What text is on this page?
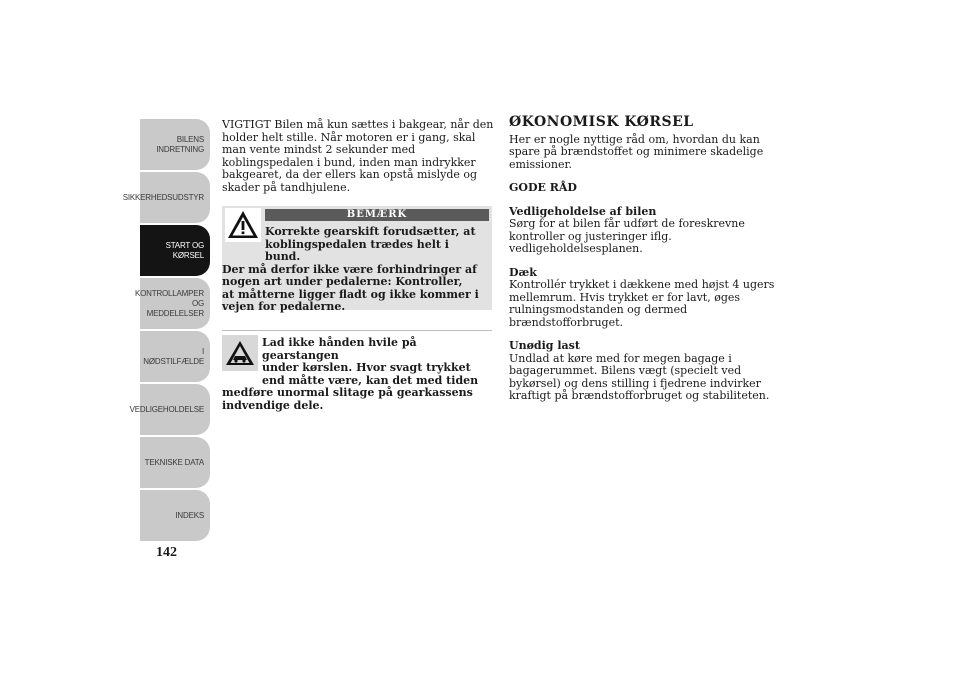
BILENS
INDRETNING
SIKKERHEDSUDSTYR
START OG KØRSEL
KONTROLLAMPER
OG MEDDELELSER
I NØDSTILFÆLDE
VEDLIGEHOLDELSE
TEKNISKE DATA
INDEKS
142

VIGTIGT Bilen må kun sættes i bakgear, når den holder helt stille. Når motoren er i gang, skal man vente mindst 2 sekunder med koblingspedalen i bund, inden man indrykker bakgearet, da der ellers kan opstå mislyde og skader på tandhjulene.

BEMÆRK
Korrekte gearskift forudsætter, at
koblingspedalen trædes helt i bund.
Der må derfor ikke være forhindringer af
nogen art under pedalerne: Kontroller,
at måtterne ligger fladt og ikke kommer i
vejen for pedalerne.
Lad ikke hånden hvile på gearstangen
under kørslen. Hvor svagt trykket
end måtte være, kan det med tiden
medføre unormal slitage på gearkassens
indvendige dele.
ØKONOMISK KØRSEL

Her er nogle nyttige råd om, hvordan du kan spare på brændstoffet og minimere skadelige emissioner.

GODE RÅD

Vedligeholdelse af bilen

Sørg for at bilen får udført de foreskrevne kontroller og justeringer iflg. vedligeholdelsesplanen.

Dæk

Kontrollér trykket i dækkene med højst 4 ugers mellemrum. Hvis trykket er for lavt, øges rulningsmodstanden og dermed brændstofforbruget.

Unødig last

Undlad at køre med for megen bagage i bagagerummet. Bilens vægt (specielt ved bykørsel) og dens stilling i fjedrene indvirker kraftigt på brændstofforbruget og stabiliteten.
